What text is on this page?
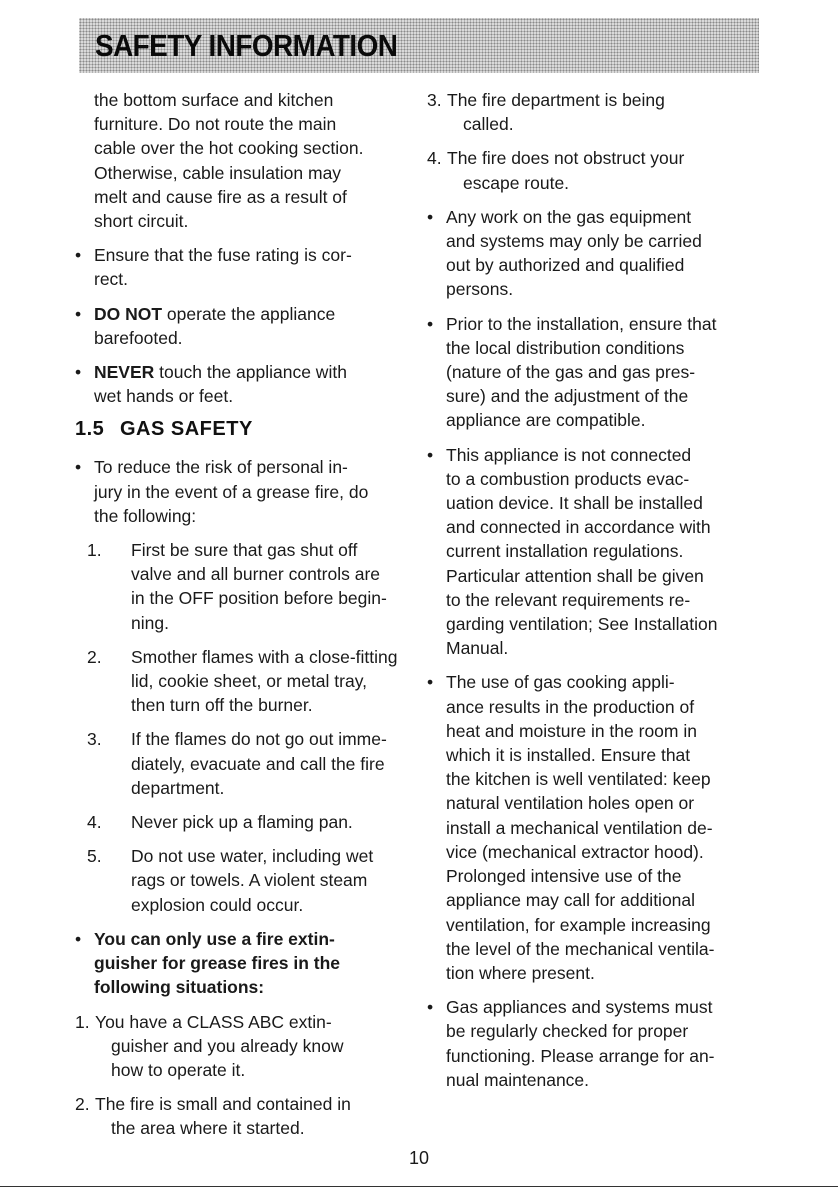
SAFETY INFORMATION
the bottom surface and kitchen
furniture. Do not route the main
cable over the hot cooking section.
Otherwise, cable insulation may
melt and cause fire as a result of
short circuit.
• Ensure that the fuse rating is cor-
rect.
• DO NOT operate the appliance
barefooted.
• NEVER touch the appliance with
wet hands or feet.
1.5 GAS SAFETY
• To reduce the risk of personal in-
jury in the event of a grease fire, do
the following:
1. First be sure that gas shut off
valve and all burner controls are
in the OFF position before begin-
ning.
2. Smother flames with a close-fitting
lid, cookie sheet, or metal tray,
then turn off the burner.
3. If the flames do not go out imme-
diately, evacuate and call the fire
department.
4. Never pick up a flaming pan.
5. Do not use water, including wet
rags or towels. A violent steam
explosion could occur.
• You can only use a fire extin-
guisher for grease fires in the
following situations:
1. You have a CLASS ABC extin-
guisher and you already know
how to operate it.
2. The fire is small and contained in
the area where it started.
3. The fire department is being
called.
4. The fire does not obstruct your
escape route.
• Any work on the gas equipment
and systems may only be carried
out by authorized and qualified
persons.
• Prior to the installation, ensure that
the local distribution conditions
(nature of the gas and gas pres-
sure) and the adjustment of the
appliance are compatible.
• This appliance is not connected
to a combustion products evac-
uation device. It shall be installed
and connected in accordance with
current installation regulations.
Particular attention shall be given
to the relevant requirements re-
garding ventilation; See Installation
Manual.
• The use of gas cooking appli-
ance results in the production of
heat and moisture in the room in
which it is installed. Ensure that
the kitchen is well ventilated: keep
natural ventilation holes open or
install a mechanical ventilation de-
vice (mechanical extractor hood).
Prolonged intensive use of the
appliance may call for additional
ventilation, for example increasing
the level of the mechanical ventila-
tion where present.
• Gas appliances and systems must
be regularly checked for proper
functioning. Please arrange for an-
nual maintenance.
10
